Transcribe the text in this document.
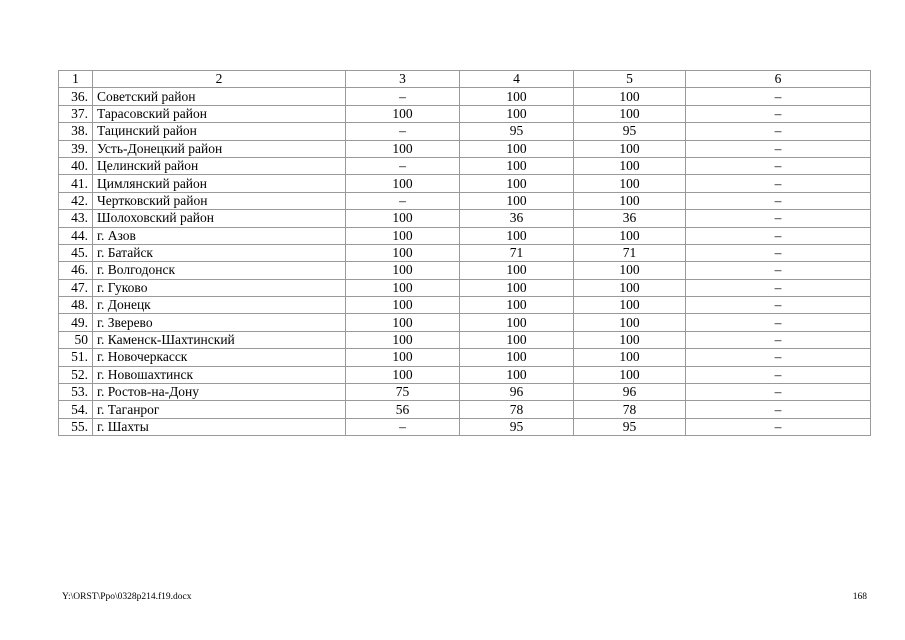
1	2	3	4	5	6
36.	Советский район	–	100	100	–
37.	Тарасовский район	100	100	100	–
38.	Тацинский район	–	95	95	–
39.	Усть-Донецкий район	100	100	100	–
40.	Целинский район	–	100	100	–
41.	Цимлянский район	100	100	100	–
42.	Чертковский район	–	100	100	–
43.	Шолоховский район	100	36	36	–
44.	г. Азов	100	100	100	–
45.	г. Батайск	100	71	71	–
46.	г. Волгодонск	100	100	100	–
47.	г. Гуково	100	100	100	–
48.	г. Донецк	100	100	100	–
49.	г. Зверево	100	100	100	–
50	г. Каменск-Шахтинский	100	100	100	–
51.	г. Новочеркасск	100	100	100	–
52.	г. Новошахтинск	100	100	100	–
53.	г. Ростов-на-Дону	75	96	96	–
54.	г. Таганрог	56	78	78	–
55.	г. Шахты	–	95	95	–
Y:\ORST\Ppo\0328p214.f19.docx	168
